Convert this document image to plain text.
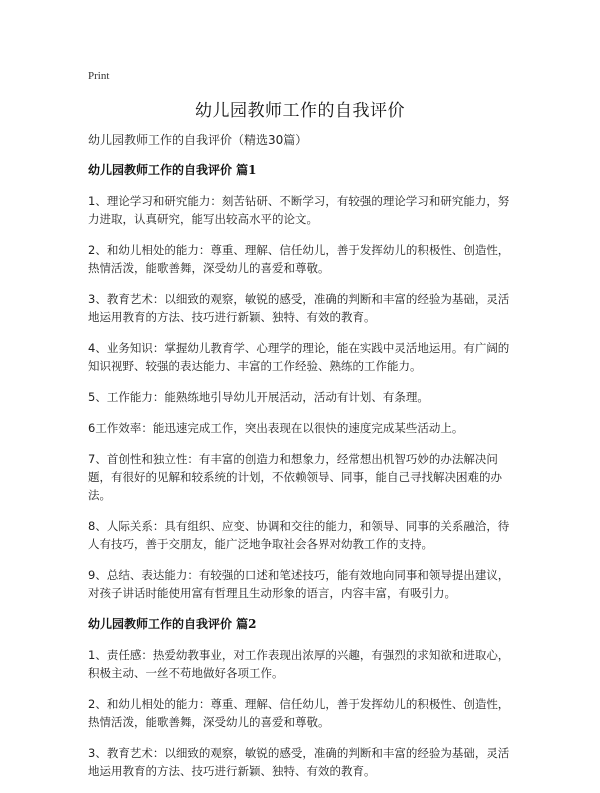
Print
幼儿园教师工作的自我评价

幼儿园教师工作的自我评价（精选30篇）

幼儿园教师工作的自我评价 篇1

1、理论学习和研究能力：刻苦钻研、不断学习，有较强的理论学习和研究能力，努力进取，认真研究，能写出较高水平的论文。

2、和幼儿相处的能力：尊重、理解、信任幼儿，善于发挥幼儿的积极性、创造性，热情活泼，能歌善舞，深受幼儿的喜爱和尊敬。

3、教育艺术：以细致的观察，敏锐的感受，准确的判断和丰富的经验为基础，灵活地运用教育的方法、技巧进行新颖、独特、有效的教育。

4、业务知识：掌握幼儿教育学、心理学的理论，能在实践中灵活地运用。有广阔的知识视野、较强的表达能力、丰富的工作经验、熟练的工作能力。

5、工作能力：能熟练地引导幼儿开展活动，活动有计划、有条理。

6工作效率：能迅速完成工作，突出表现在以很快的速度完成某些活动上。

7、首创性和独立性：有丰富的创造力和想象力，经常想出机智巧妙的办法解决问题，有很好的见解和较系统的计划，不依赖领导、同事，能自己寻找解决困难的办法。

8、人际关系：具有组织、应变、协调和交往的能力，和领导、同事的关系融洽，待人有技巧，善于交朋友，能广泛地争取社会各界对幼教工作的支持。

9、总结、表达能力：有较强的口述和笔述技巧，能有效地向同事和领导提出建议，对孩子讲话时能使用富有哲理且生动形象的语言，内容丰富，有吸引力。

幼儿园教师工作的自我评价 篇2

1、责任感：热爱幼教事业，对工作表现出浓厚的兴趣，有强烈的求知欲和进取心，积极主动、一丝不苟地做好各项工作。

2、和幼儿相处的能力：尊重、理解、信任幼儿，善于发挥幼儿的积极性、创造性，热情活泼，能歌善舞，深受幼儿的喜爱和尊敬。

3、教育艺术：以细致的观察，敏锐的感受，准确的判断和丰富的经验为基础，灵活地运用教育的方法、技巧进行新颖、独特、有效的教育。
